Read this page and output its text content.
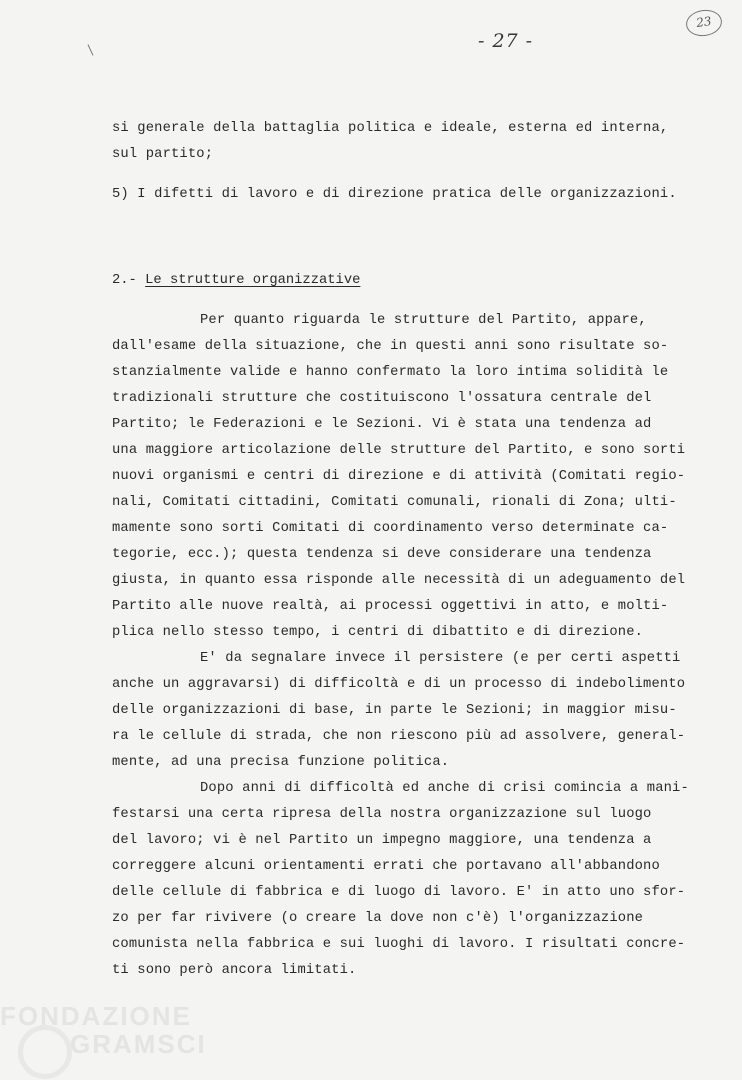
- 27 -
23
si generale della battaglia politica e ideale, esterna ed interna,
sul partito;
5) I difetti di lavoro e di direzione pratica delle organizzazioni.
2.- Le strutture organizzative
Per quanto riguarda le strutture del Partito, appare,
dall'esame della situazione, che in questi anni sono risultate so-
stanzialmente valide e hanno confermato la loro intima solidità le
tradizionali strutture che costituiscono l'ossatura centrale del
Partito; le Federazioni e le Sezioni. Vi è stata una tendenza ad
una maggiore articolazione delle strutture del Partito, e sono sorti
nuovi organismi e centri di direzione e di attività (Comitati regio-
nali, Comitati cittadini, Comitati comunali, rionali di Zona; ulti-
mamente sono sorti Comitati di coordinamento verso determinate ca-
tegorie, ecc.); questa tendenza si deve considerare una tendenza
giusta, in quanto essa risponde alle necessità di un adeguamento del
Partito alle nuove realtà, ai processi oggettivi in atto, e molti-
plica nello stesso tempo, i centri di dibattito e di direzione.
E' da segnalare invece il persistere (e per certi aspetti
anche un aggravarsi) di difficoltà e di un processo di indebolimento
delle organizzazioni di base, in parte le Sezioni; in maggior misu-
ra le cellule di strada, che non riescono più ad assolvere, general-
mente, ad una precisa funzione politica.
Dopo anni di difficoltà ed anche di crisi comincia a mani-
festarsi una certa ripresa della nostra organizzazione sul luogo
del lavoro; vi è nel Partito un impegno maggiore, una tendenza a
correggere alcuni orientamenti errati che portavano all'abbandono
delle cellule di fabbrica e di luogo di lavoro. E' in atto uno sfor-
zo per far rivivere (o creare la dove non c'è) l'organizzazione
comunista nella fabbrica e sui luoghi di lavoro. I risultati concre-
ti sono però ancora limitati.
FONDAZIONE
GRAMSCI
